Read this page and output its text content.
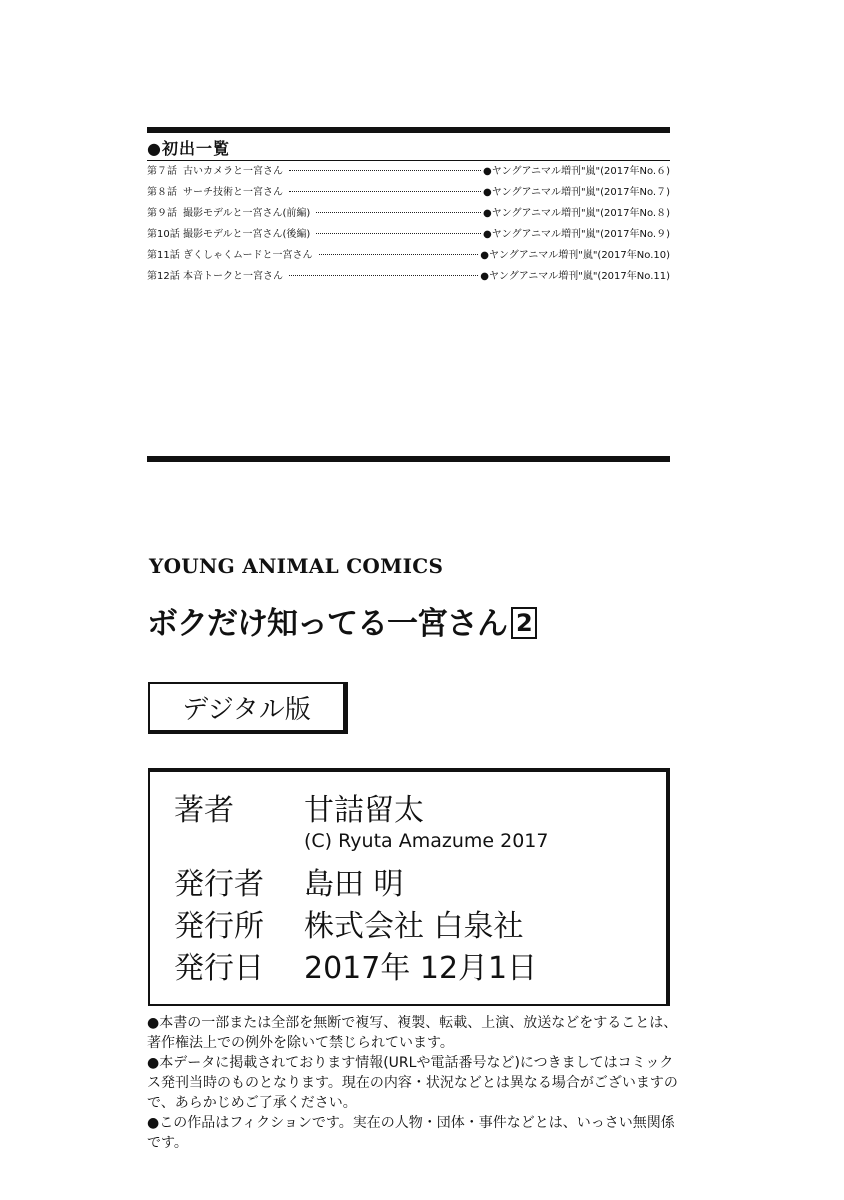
●初出一覧
第７話 古いカメラと一宮さん	●ヤングアニマル増刊"嵐"(2017年No.６)
第８話 サーチ技術と一宮さん	●ヤングアニマル増刊"嵐"(2017年No.７)
第９話 撮影モデルと一宮さん(前編)	●ヤングアニマル増刊"嵐"(2017年No.８)
第10話 撮影モデルと一宮さん(後編)	●ヤングアニマル増刊"嵐"(2017年No.９)
第11話 ぎくしゃくムードと一宮さん	●ヤングアニマル増刊"嵐"(2017年No.10)
第12話 本音トークと一宮さん	●ヤングアニマル増刊"嵐"(2017年No.11)
YOUNG ANIMAL COMICS
ボクだけ知ってる一宮さん 2
デジタル版
著者 甘詰留太
(C) Ryuta Amazume 2017
発行者 島田 明
発行所 株式会社 白泉社
発行日 2017年 12月1日

●本書の一部または全部を無断で複写、複製、転載、上演、放送などをすることは、著作権法上での例外を除いて禁じられています。

●本データに掲載されております情報(URLや電話番号など)につきましてはコミックス発刊当時のものとなります。現在の内容・状況などとは異なる場合がございますので、あらかじめご了承ください。

●この作品はフィクションです。実在の人物・団体・事件などとは、いっさい無関係です。
